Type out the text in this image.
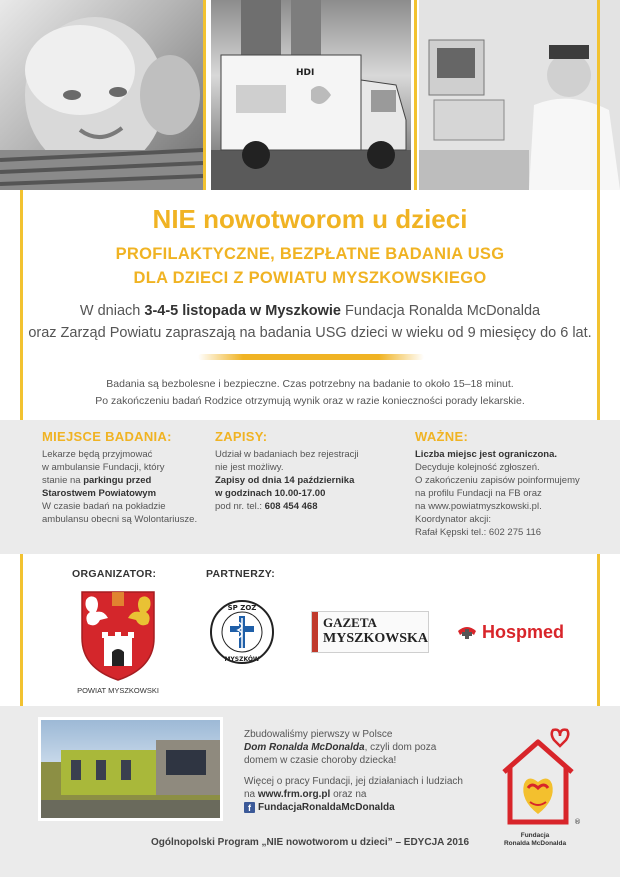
HDI
NIE nowotworom u dzieci
PROFILAKTYCZNE, BEZPŁATNE BADANIA USG
DLA DZIECI Z POWIATU MYSZKOWSKIEGO
W dniach 3-4-5 listopada w Myszkowie Fundacja Ronalda McDonalda
oraz Zarząd Powiatu zapraszają na badania USG dzieci w wieku od 9 miesięcy do 6 lat.
Badania są bezbolesne i bezpieczne. Czas potrzebny na badanie to około 15–18 minut.
Po zakończeniu badań Rodzice otrzymują wynik oraz w razie konieczności porady lekarskie.
MIEJSCE BADANIA:
Lekarze będą przyjmować
w ambulansie Fundacji, który
stanie na parkingu przed
Starostwem Powiatowym
W czasie badań na pokładzie
ambulansu obecni są Wolontariusze.
ZAPISY:
Udział w badaniach bez rejestracji
nie jest możliwy.
Zapisy od dnia 14 października
w godzinach 10.00-17.00
pod nr. tel.: 608 454 468
WAŻNE:
Liczba miejsc jest ograniczona.
Decyduje kolejność zgłoszeń.
O zakończeniu zapisów poinformujemy
na profilu Fundacji na FB oraz
na www.powiatmyszkowski.pl.
Koordynator akcji:
Rafał Kępski tel.: 602 275 116
ORGANIZATOR:	PARTNERZY:
POWIAT MYSZKOWSKI
SP ZOZ
MYSZKÓW
GAZETA
MYSZKOWSKA	Hospmed

Zbudowaliśmy pierwszy w Polsce
Dom Ronalda McDonalda, czyli dom poza
domem w czasie choroby dziecka!

Więcej o pracy Fundacji, jej działaniach i ludziach
na www.frm.org.pl oraz na

f FundacjaRonaldaMcDonalda

®
Fundacja
Ronalda McDonalda
Ogólnopolski Program „NIE nowotworom u dzieci” – EDYCJA 2016
